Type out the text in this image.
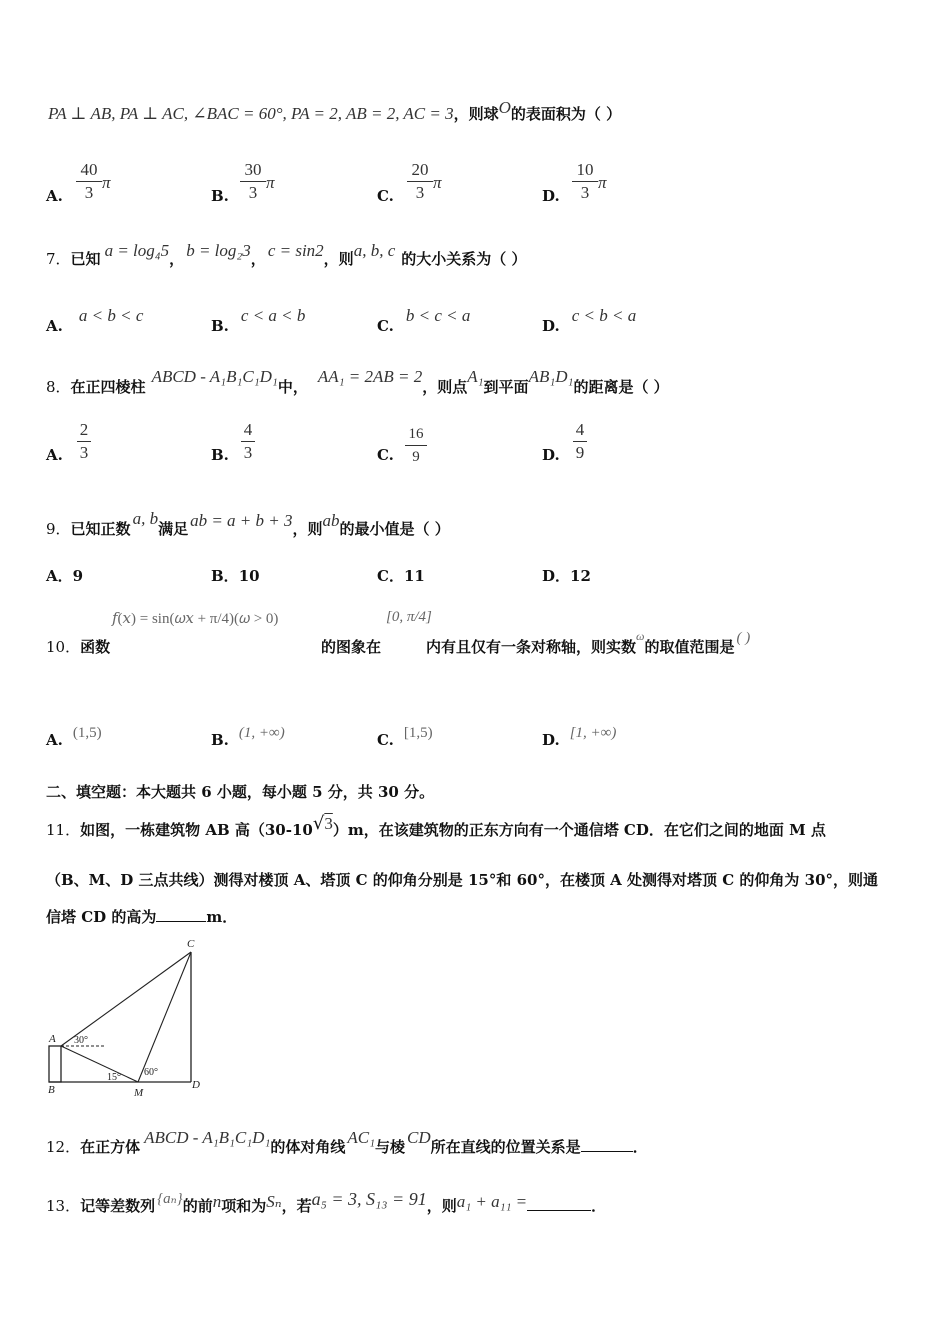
PA ⊥ AB, PA ⊥ AC, ∠BAC = 60°, PA = 2, AB = 2, AC = 3，则球O的表面积为（ ）
A.
40
3
π
B.
30
3
π
C.
20
3
π
D.
10
3
π
7．已知 a = log₄5， b = log₂3， c = sin2，则a, b, c 的大小关系为（ ）
A.a < b < c
B.c < a < b
C.b < c < a
D.c < b < a
8．在正四棱柱ABCD - A₁B₁C₁D₁中，AA₁ = 2AB = 2，则点A₁到平面AB₁D₁的距离是（ ）
A.
2
3	B.
4
3	C.
16
9	D.
4
9
9．已知正数a, b满足 ab = a + b + 3，则ab的最小值是（ ）
A．9	B．10	C．11	D．12
𝑓(𝑥) = sin(𝜔𝑥 + π/4)(𝜔 > 0)	[0, π/4]
10．函数	的图象在	内有且仅有一条对称轴，则实数$^\omega$的取值范围是 ( )
A. (1,5)	B. (1, +∞)	C. [1,5)	D. [1, +∞)
二、填空题：本大题共 6 小题，每小题 5 分，共 30 分。
11．如图，一栋建筑物 AB 高（30-10√3）m，在该建筑物的正东方向有一个通信塔 CD．在它们之间的地面 M 点
（B、M、D 三点共线）测得对楼顶 A、塔顶 C 的仰角分别是 15°和 60°，在楼顶 A 处测得对塔顶 C 的仰角为 30°，则通
信塔 CD 的高为	m．
C
A
B	M
D
30°
15° 60°
12．在正方体 ABCD - A₁B₁C₁D₁的体对角线 AC₁与棱 CD所在直线的位置关系是	．
13．记等差数列 {aₙ}的前n项和为Sₙ，若a₅ = 3, S₁₃ = 91，则a₁ + a₁₁ =	．
